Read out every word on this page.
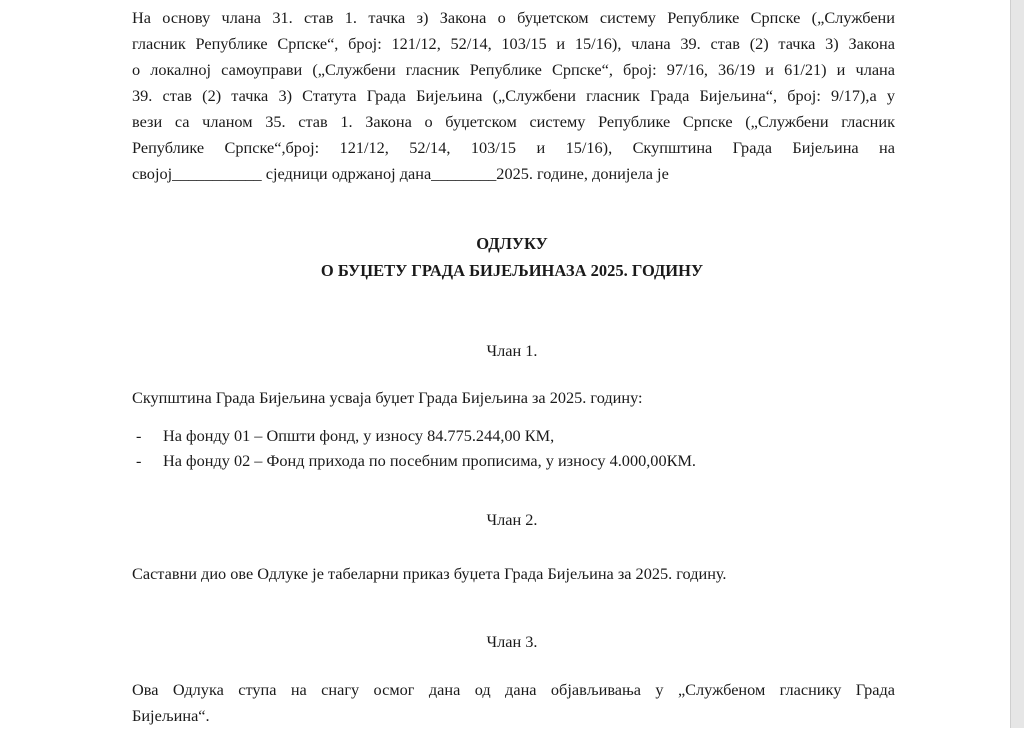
На основу члана 31. став 1. тачка з) Закона о буџетском систему Републике Српске („Службени
гласник Републике Српске“, број: 121/12, 52/14, 103/15 и 15/16), члана 39. став (2) тачка 3) Закона
о локалној самоуправи („Службени гласник Републике Српске“, број: 97/16, 36/19 и 61/21) и члана
39. став (2) тачка 3) Статута Града Бијељина („Службени гласник Града Бијељина“, број: 9/17),а у
вези са чланом 35. став 1. Закона о буџетском систему Републике Српске („Службени гласник
Републике Српске“,број: 121/12, 52/14, 103/15 и 15/16), Скупштина Града Бијељина на
својој___________ сједници одржаној дана________2025. године, донијела је
ОДЛУКУ
О БУЏЕТУ ГРАДА БИЈЕЉИНАЗА 2025. ГОДИНУ
Члан 1.
Скупштина Града Бијељина усваја буџет Града Бијељина за 2025. годину:
- На фонду 01 – Општи фонд, у износу 84.775.244,00 КМ,
- На фонду 02 – Фонд прихода по посебним прописима, у износу 4.000,00КМ.
Члан 2.
Саставни дио ове Одлуке је табеларни приказ буџета Града Бијељина за 2025. годину.
Члан 3.
Ова Одлука ступа на снагу осмог дана од дана објављивања у „Службеном гласнику Града
Бијељина“.
